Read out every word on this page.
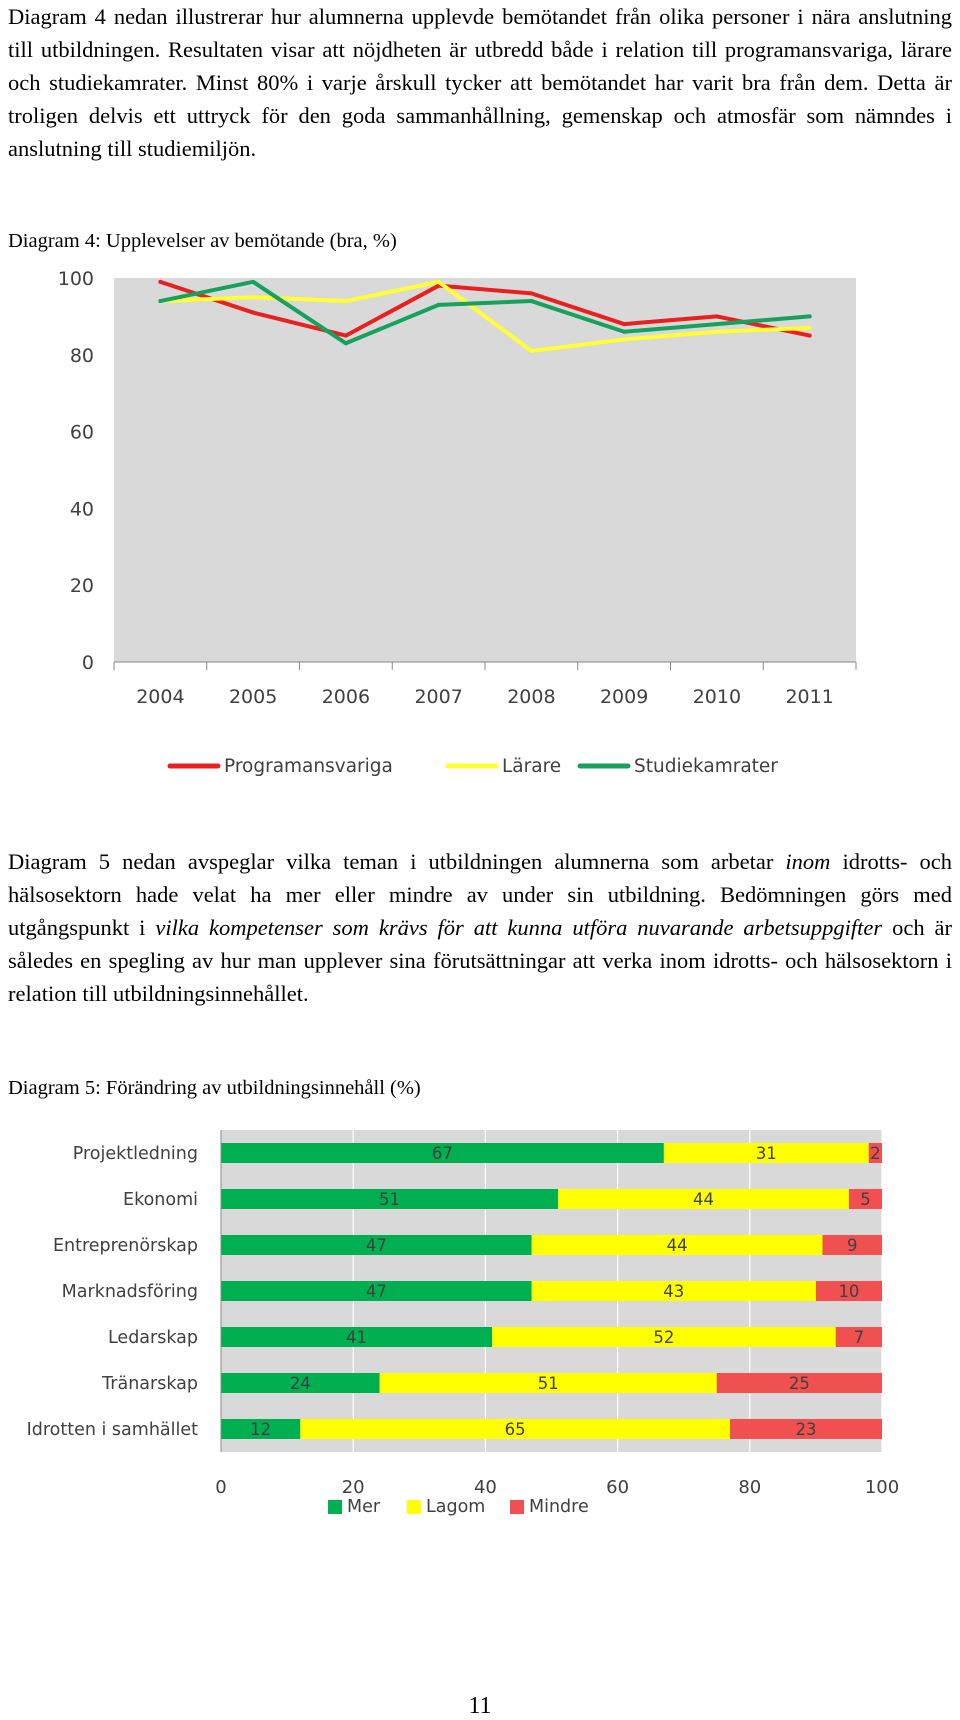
Diagram 4 nedan illustrerar hur alumnerna upplevde bemötandet från olika personer i nära anslutning till utbildningen. Resultaten visar att nöjdheten är utbredd både i relation till programansvariga, lärare och studiekamrater. Minst 80% i varje årskull tycker att bemötandet har varit bra från dem. Detta är troligen delvis ett uttryck för den goda sammanhållning, gemenskap och atmosfär som nämndes i anslutning till studiemiljön.

Diagram 4: Upplevelser av bemötande (bra, %)

2004 2005 2006 2007 2008 2009 2010 2011
0
20
40
60
80
100
Programansvariga	Lärare	Studiekamrater

Diagram 5 nedan avspeglar vilka teman i utbildningen alumnerna som arbetar inom idrotts- och hälsosektorn hade velat ha mer eller mindre av under sin utbildning. Bedömningen görs med utgångspunkt i vilka kompetenser som krävs för att kunna utföra nuvarande arbetsuppgifter och är således en spegling av hur man upplever sina förutsättningar att verka inom idrotts- och hälsosektorn i relation till utbildningsinnehållet.

Diagram 5: Förändring av utbildningsinnehåll (%)

67	31	2
Projektledning
51	44	5
Ekonomi
47	44	9
Entreprenörskap
47	43	10
Marknadsföring
41	52	7
Ledarskap
24	51	25
Tränarskap
12	65	23
Idrotten i samhället
0	20	40	60	80	100
Mer	Lagom Mindre
11
